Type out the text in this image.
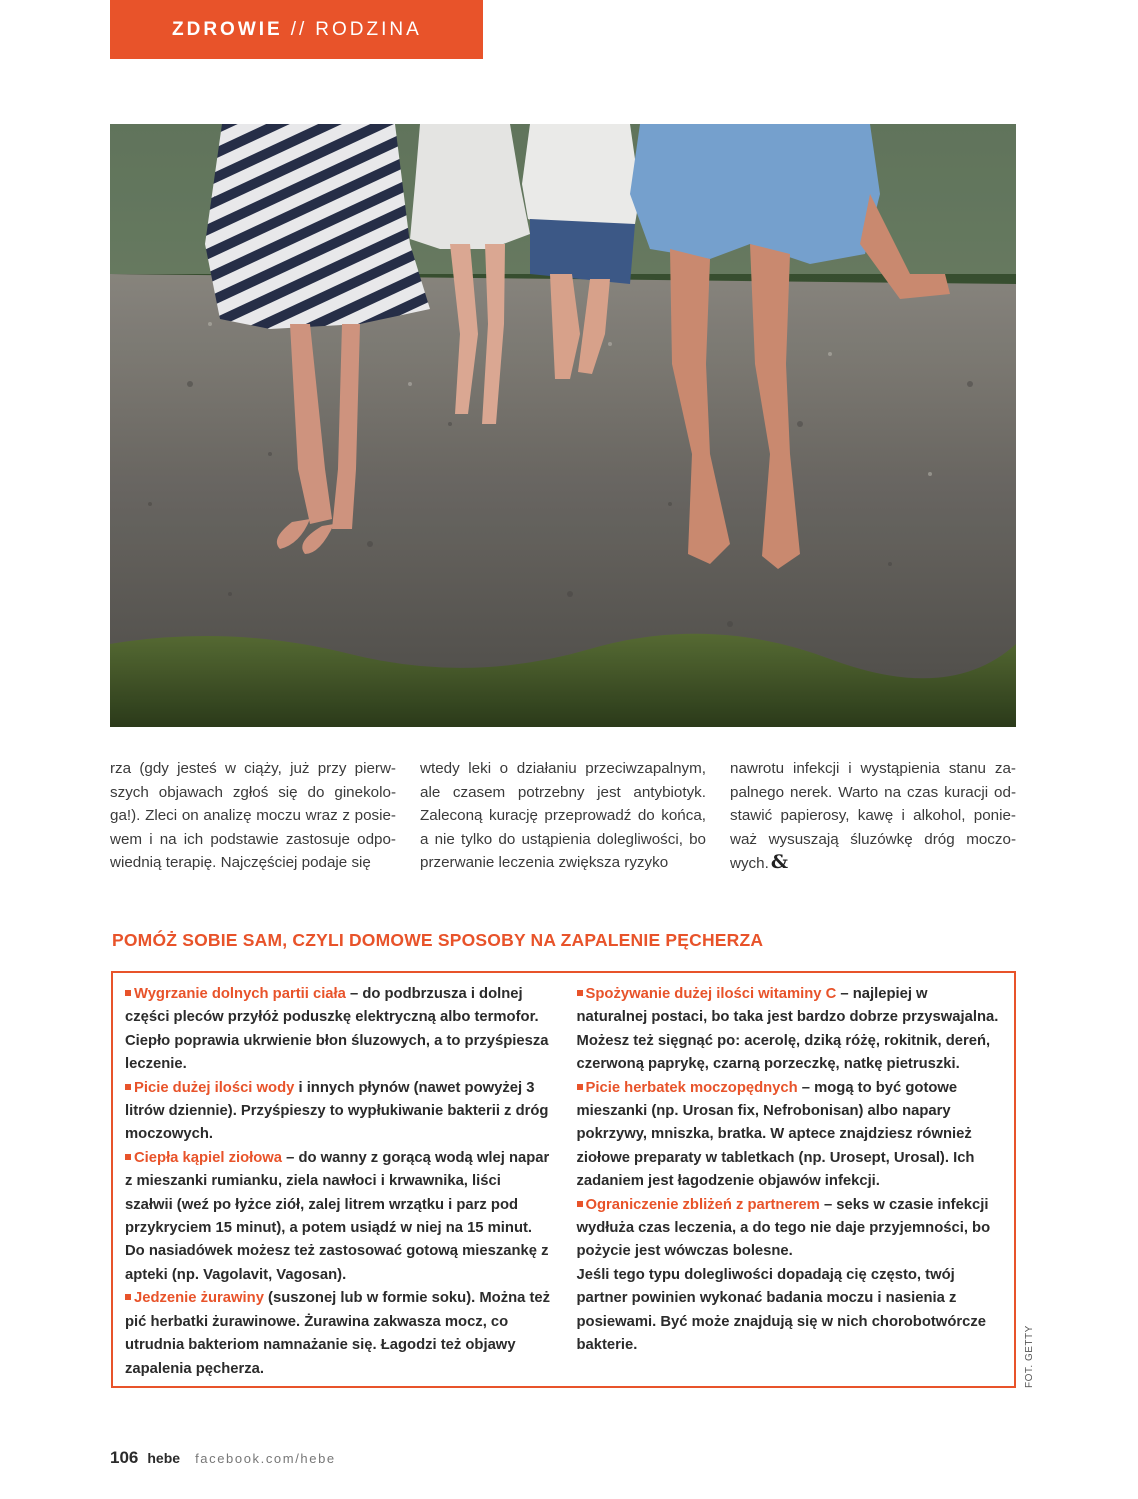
ZDROWIE // RODZINA

rza (gdy jesteś w ciąży, już przy pierw-szych objawach zgłoś się do ginekolo-ga!). Zleci on analizę moczu wraz z posie-wem i na ich podstawie zastosuje odpo-wiednią terapię. Najczęściej podaje się

wtedy leki o działaniu przeciwzapalnym, ale czasem potrzebny jest antybiotyk. Zaleconą kurację przeprowadź do końca, a nie tylko do ustąpienia dolegliwości, bo przerwanie leczenia zwiększa ryzyko

nawrotu infekcji i wystąpienia stanu za-palnego nerek. Warto na czas kuracji od-stawić papierosy, kawę i alkohol, ponie-waż wysuszają śluzówkę dróg moczo-wych. &

POMÓŻ SOBIE SAM, CZYLI DOMOWE SPOSOBY NA ZAPALENIE PĘCHERZA

Wygrzanie dolnych partii ciała – do podbrzusza i dolnej części pleców przyłóż poduszkę elektryczną albo termofor. Ciepło poprawia ukrwienie błon śluzowych, a to przyśpiesza leczenie.

Picie dużej ilości wody i innych płynów (nawet powyżej 3 litrów dziennie). Przyśpieszy to wypłukiwanie bakterii z dróg moczowych.

Ciepła kąpiel ziołowa – do wanny z gorącą wodą wlej napar z mieszanki rumianku, ziela nawłoci i krwawnika, liści szałwii (weź po łyżce ziół, zalej litrem wrzątku i parz pod przykryciem 15 minut), a potem usiądź w niej na 15 minut. Do nasiadówek możesz też zastosować gotową mieszankę z apteki (np. Vagolavit, Vagosan).

Jedzenie żurawiny (suszonej lub w formie soku). Można też pić herbatki żurawinowe. Żurawina zakwasza mocz, co utrudnia bakteriom namnażanie się. Łagodzi też objawy zapalenia pęcherza.

Spożywanie dużej ilości witaminy C – najlepiej w naturalnej postaci, bo taka jest bardzo dobrze przyswajalna. Możesz też sięgnąć po: acerolę, dziką różę, rokitnik, dereń, czerwoną paprykę, czarną porzeczkę, natkę pietruszki.

Picie herbatek moczopędnych – mogą to być gotowe mieszanki (np. Urosan fix, Nefrobonisan) albo napary pokrzywy, mniszka, bratka. W aptece znajdziesz również ziołowe preparaty w tabletkach (np. Urosept, Urosal). Ich zadaniem jest łagodzenie objawów infekcji.

Ograniczenie zbliżeń z partnerem – seks w czasie infekcji wydłuża czas leczenia, a do tego nie daje przyjemności, bo pożycie jest wówczas bolesne.

Jeśli tego typu dolegliwości dopadają cię często, twój partner powinien wykonać badania moczu i nasienia z posiewami. Być może znajdują się w nich chorobotwórcze bakterie.	FOT. GETTY
106 hebe facebook.com/hebe
